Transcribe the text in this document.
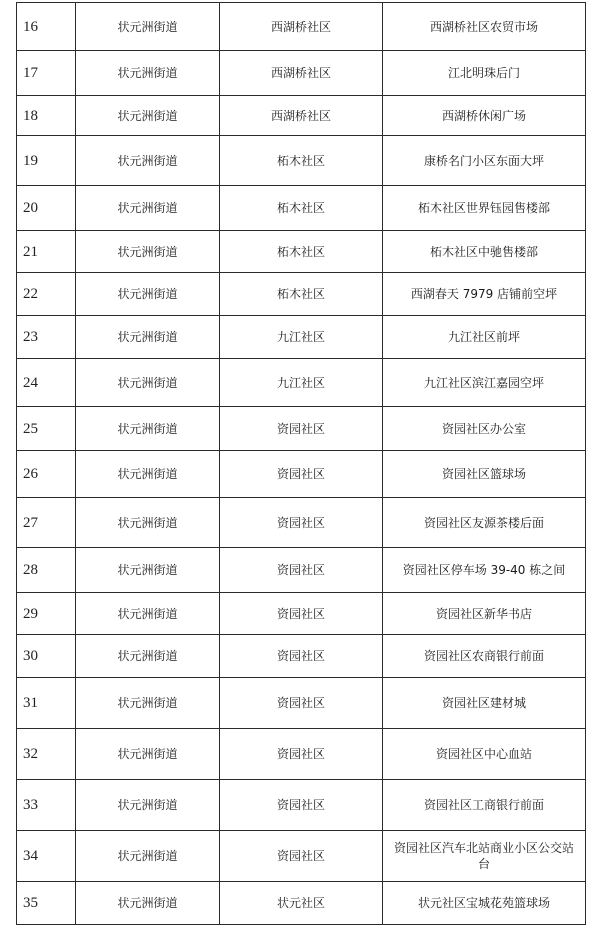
16	状元洲街道	西湖桥社区	西湖桥社区农贸市场
17	状元洲街道	西湖桥社区	江北明珠后门
18	状元洲街道	西湖桥社区	西湖桥休闲广场
19	状元洲街道	柘木社区	康桥名门小区东面大坪
20	状元洲街道	柘木社区	柘木社区世界钰园售楼部
21	状元洲街道	柘木社区	柘木社区中驰售楼部
22	状元洲街道	柘木社区	西湖春天 7979 店铺前空坪
23	状元洲街道	九江社区	九江社区前坪
24	状元洲街道	九江社区	九江社区滨江嘉园空坪
25	状元洲街道	资园社区	资园社区办公室
26	状元洲街道	资园社区	资园社区篮球场
27	状元洲街道	资园社区	资园社区友源茶楼后面
28	状元洲街道	资园社区	资园社区停车场 39-40 栋之间
29	状元洲街道	资园社区	资园社区新华书店
30	状元洲街道	资园社区	资园社区农商银行前面
31	状元洲街道	资园社区	资园社区建材城
32	状元洲街道	资园社区	资园社区中心血站
33	状元洲街道	资园社区	资园社区工商银行前面
34	状元洲街道	资园社区	资园社区汽车北站商业小区公交站台
35	状元洲街道	状元社区	状元社区宝城花苑篮球场
